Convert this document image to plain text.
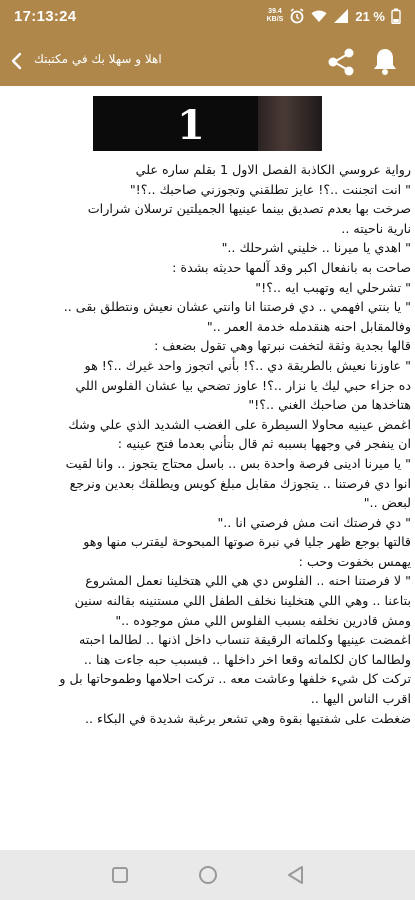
17:13:24	39.4
KB/S	21 %
اهلا و سهلا بك في مكتبتك
1

رواية عروسي الكاذبة الفصل الاول 1 بقلم ساره علي

" انت اتجننت ..؟! عايز تطلقني وتجوزني صاحبك ..؟!"

صرخت بها بعدم تصديق بينما عينيها الجميلتين ترسلان شرارات

نارية ناحيته ..

" اهدي يا ميرنا .. خليني اشرحلك .."

صاحت به بانفعال اكبر وقد آلمها حديثه بشدة :

" تشرحلي ايه وتهبب ايه ..؟!"

" يا بنتي افهمي .. دي فرصتنا انا وانتي عشان نعيش ونتطلق بقى ..

وفالمقابل احنه هنقدمله خدمة العمر .."

قالها بجدية وثقة لتخفت نبرتها وهي تقول بضعف :

" عاوزنا نعيش بالطريقة دي ..؟! بأني اتجوز واحد غيرك ..؟! هو

ده جزاء حبي ليك يا نزار ..؟! عاوز تضحي بيا عشان الفلوس اللي

هتاخدها من صاحبك الغني ..؟!"

اغمض عينيه محاولا السيطرة على الغضب الشديد الذي علي وشك

ان ينفجر في وجهها بسببه ثم قال بتأني بعدما فتح عينيه :

" يا ميرنا ادينى فرصة واحدة بس .. باسل محتاج يتجوز .. وانا لقيت

انوا دي فرصتنا .. يتجوزك مقابل مبلغ كويس ويطلقك بعدين ونرجع

لبعض .."

" دي فرصتك انت مش فرصتي انا .."

قالتها بوجع ظهر جليا في نبرة صوتها المبحوحة ليقترب منها وهو

يهمس بخفوت وحب :

" لا فرصتنا احنه .. الفلوس دي هي اللي هتخلينا نعمل المشروع

بتاعنا .. وهي اللي هتخلينا نخلف الطفل اللي مستنينه بقالنه سنين

ومش قادرين نخلفه بسبب الفلوس اللي مش موجوده .."

اغمضت عينيها وكلماته الرقيقة تنساب داخل اذنها .. لطالما احبته

ولطالما كان لكلماته وقعا اخر داخلها .. فبسبب حبه جاءت هنا ..

تركت كل شيء خلفها وعاشت معه .. تركت احلامها وطموحاتها بل و

اقرب الناس اليها ..

ضغطت على شفتيها بقوة وهي تشعر برغبة شديدة في البكاء ..
